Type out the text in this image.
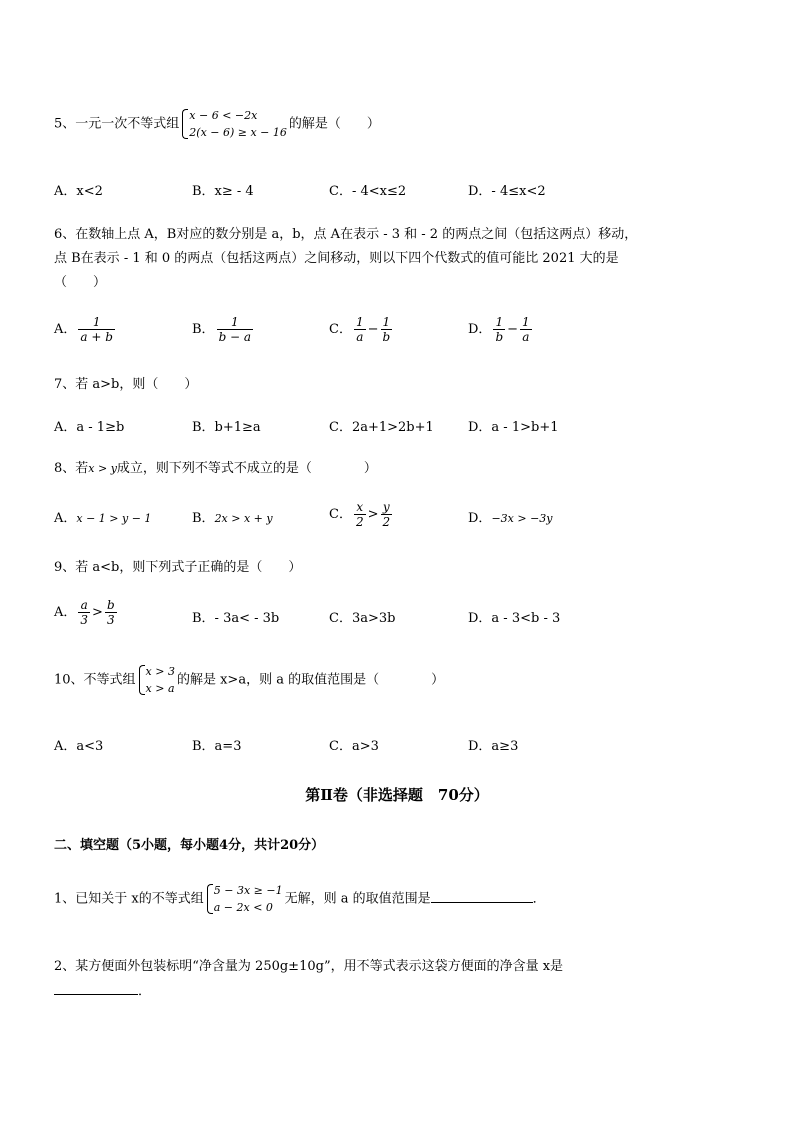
5、一元一次不等式组
x − 6 < −2x
2(x − 6) ≥ x − 16
的解是（　　）
A．x<2	B．x≥ - 4	C．- 4<x≤2	D．- 4≤x<2
6、在数轴上点 A，B对应的数分别是 a，b，点 A在表示 - 3 和 - 2 的两点之间（包括这两点）移动，
点 B在表示 - 1 和 0 的两点（包括这两点）之间移动，则以下四个代数式的值可能比 2021 大的是
（　　）
A． $\frac{1}{a + b}$	B． $\frac{1}{b - a}$	C． $\frac{1}{a} - \frac{1}{b}$	D． $\frac{1}{b} - \frac{1}{a}$
7、若 a>b，则（　　）
A．a - 1≥b	B．b+1≥a	C．2a+1>2b+1	D．a - 1>b+1
8、若x > y成立，则下列不等式不成立的是（　　　　）
A．x − 1 > y − 1	B．2x > x + y	C． $\frac{x}{2} > \frac{y}{2}$	D．−3x > −3y
9、若 a<b，则下列式子正确的是（　　）
A． $\frac{a}{3} > \frac{b}{3}$	B．- 3a< - 3b	C．3a>3b	D．a - 3<b - 3
10、不等式组
x > 3
x > a
的解是 x>a，则 a 的取值范围是（　　　　）
A．a<3	B．a=3	C．a>3	D．a≥3
第Ⅱ卷（非选择题　70分）
二、填空题（5小题，每小题4分，共计20分）
1、已知关于 x的不等式组
5 − 3x ≥ −1
a − 2x < 0
无解，则 a 的取值范围是	．
2、某方便面外包装标明“净含量为 250g±10g”，用不等式表示这袋方便面的净含量 x是
．
